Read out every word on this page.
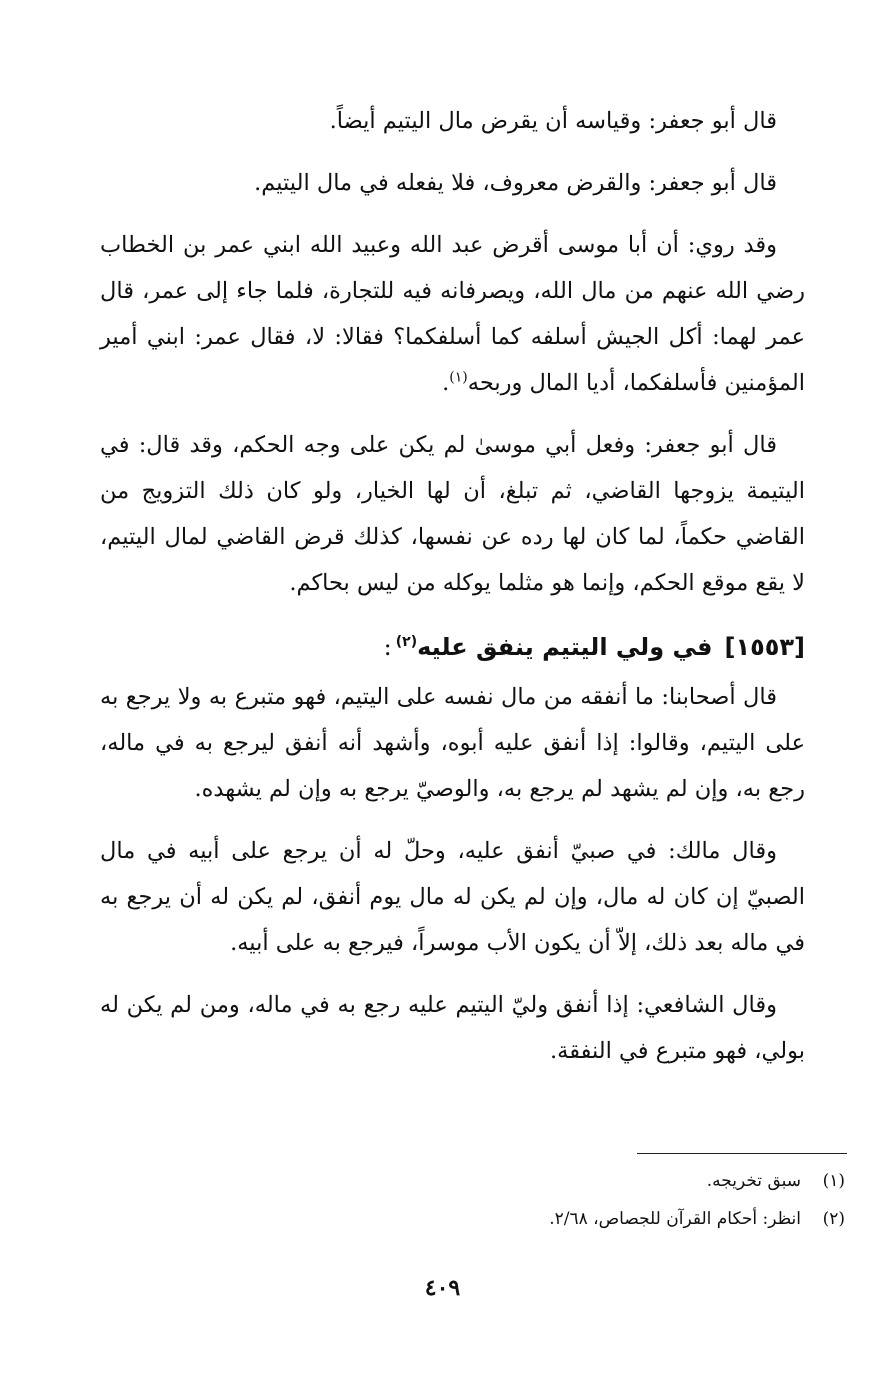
قال أبو جعفر: وقياسه أن يقرض مال اليتيم أيضاً.

قال أبو جعفر: والقرض معروف، فلا يفعله في مال اليتيم.

وقد روي: أن أبا موسى أقرض عبد الله وعبيد الله ابني عمر بن الخطاب رضي الله عنهم من مال الله، ويصرفانه فيه للتجارة، فلما جاء إلى عمر، قال عمر لهما: أكل الجيش أسلفه كما أسلفكما؟ فقالا: لا، فقال عمر: ابني أمير المؤمنين فأسلفكما، أديا المال وربحه$^{(١)}$.

قال أبو جعفر: وفعل أبي موسىٰ لم يكن على وجه الحكم، وقد قال: في اليتيمة يزوجها القاضي، ثم تبلغ، أن لها الخيار، ولو كان ذلك التزويج من القاضي حكماً، لما كان لها رده عن نفسها، كذلك قرض القاضي لمال اليتيم، لا يقع موقع الحكم، وإنما هو مثلما يوكله من ليس بحاكم.

[١٥٥٣]في ولي اليتيم ينفق عليه$^{(٢)}$:

قال أصحابنا: ما أنفقه من مال نفسه على اليتيم، فهو متبرع به ولا يرجع به على اليتيم، وقالوا: إذا أنفق عليه أبوه، وأشهد أنه أنفق ليرجع به في ماله، رجع به، وإن لم يشهد لم يرجع به، والوصيّ يرجع به وإن لم يشهده.

وقال مالك: في صبيّ أنفق عليه، وحلّ له أن يرجع على أبيه في مال الصبيّ إن كان له مال، وإن لم يكن له مال يوم أنفق، لم يكن له أن يرجع به في ماله بعد ذلك، إلاّ أن يكون الأب موسراً، فيرجع به على أبيه.

وقال الشافعي: إذا أنفق وليّ اليتيم عليه رجع به في ماله، ومن لم يكن له بولي، فهو متبرع في النفقة.

(١)سبق تخريجه.

(٢)انظر: أحكام القرآن للجصاص، ٢/٦٨.

٤٠٩
